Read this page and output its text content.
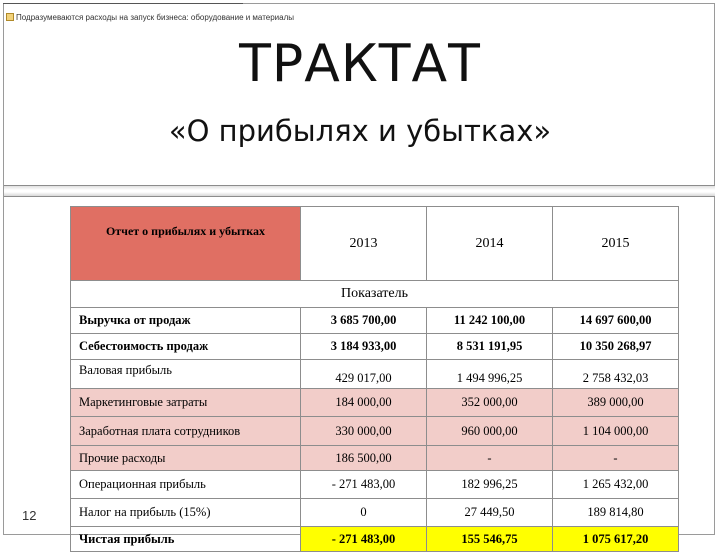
Подразумеваются расходы на запуск бизнеса: оборудование и материалы
ТРАКТАТ
«О прибылях и убытках»
Отчет о прибылях и убытках	2013	2014	2015
Показатель			
Выручка от продаж	3 685 700,00	11 242 100,00	14 697 600,00
Себестоимость продаж	3 184 933,00	8 531 191,95	10 350 268,97
Валовая прибыль	429 017,00	1 494 996,25	2 758 432,03
Маркетинговые затраты	184 000,00	352 000,00	389 000,00
Заработная плата сотрудников	330 000,00	960 000,00	1 104 000,00
Прочие расходы	186 500,00	-	-
Операционная прибыль	- 271 483,00	182 996,25	1 265 432,00
Налог на прибыль (15%)	0	27 449,50	189 814,80
Чистая прибыль	- 271 483,00	155 546,75	1 075 617,20
12
